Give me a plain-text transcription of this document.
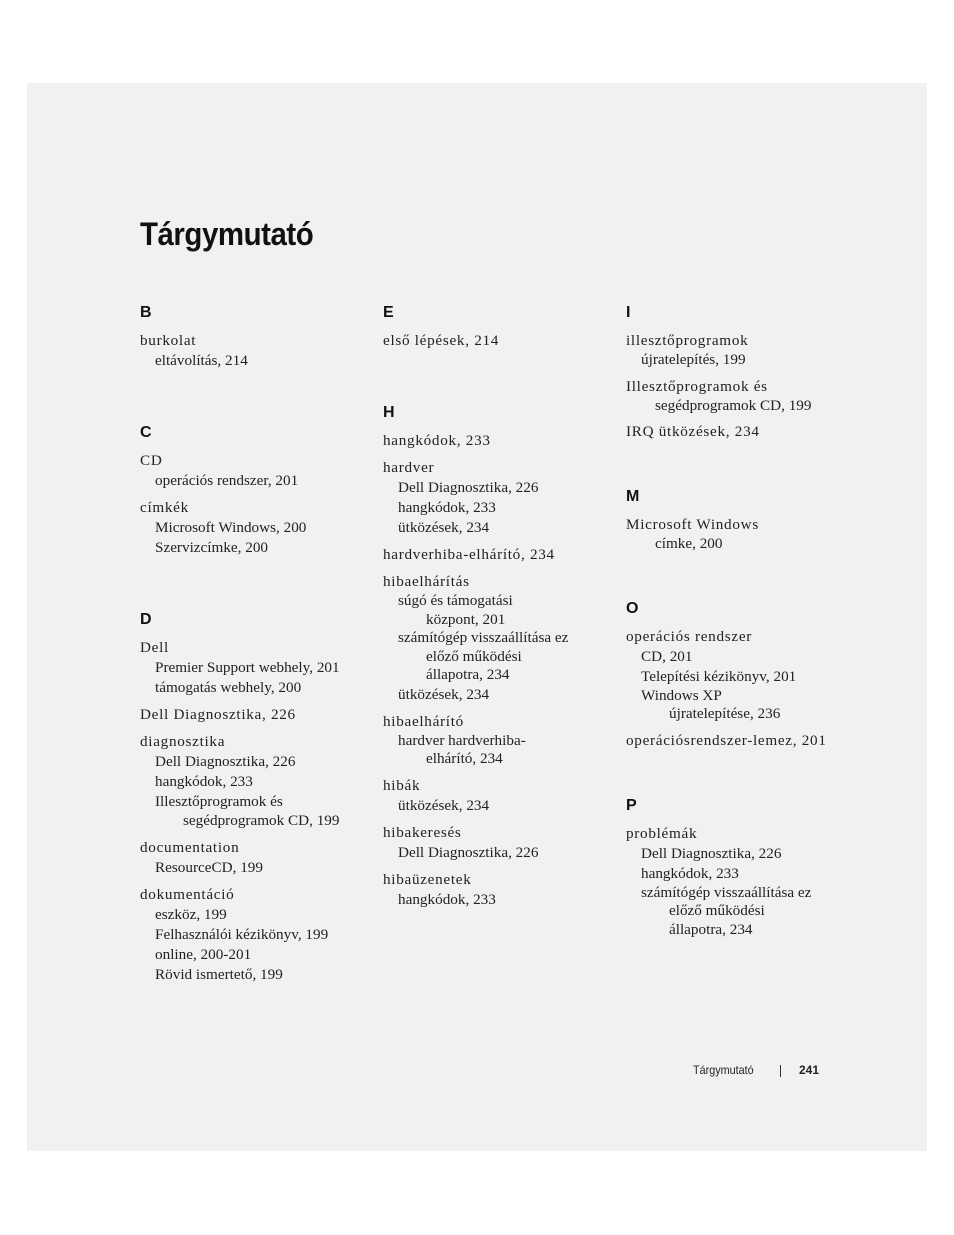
Tárgymutató
B
burkolat
eltávolítás, 214
C
CD
operációs rendszer, 201
címkék
Microsoft Windows, 200
Szervizcímke, 200
D
Dell
Premier Support webhely, 201
támogatás webhely, 200
Dell Diagnosztika, 226
diagnosztika
Dell Diagnosztika, 226
hangkódok, 233
Illesztőprogramok és
segédprogramok CD, 199
documentation
ResourceCD, 199
dokumentáció
eszköz, 199
Felhasználói kézikönyv, 199
online, 200-201
Rövid ismertető, 199
E
első lépések, 214
H
hangkódok, 233
hardver
Dell Diagnosztika, 226
hangkódok, 233
ütközések, 234
hardverhiba-elhárító, 234
hibaelhárítás
súgó és támogatási
központ, 201
számítógép visszaállítása ez
előző működési
állapotra, 234
ütközések, 234
hibaelhárító
hardver hardverhiba-
elhárító, 234
hibák
ütközések, 234
hibakeresés
Dell Diagnosztika, 226
hibaüzenetek
hangkódok, 233
I
illesztőprogramok
újratelepítés, 199
Illesztőprogramok és
segédprogramok CD, 199
IRQ ütközések, 234
M
Microsoft Windows
címke, 200
O
operációs rendszer
CD, 201
Telepítési kézikönyv, 201
Windows XP
újratelepítése, 236
operációsrendszer-lemez, 201
P
problémák
Dell Diagnosztika, 226
hangkódok, 233
számítógép visszaállítása ez
előző működési
állapotra, 234
Tárgymutató	241
